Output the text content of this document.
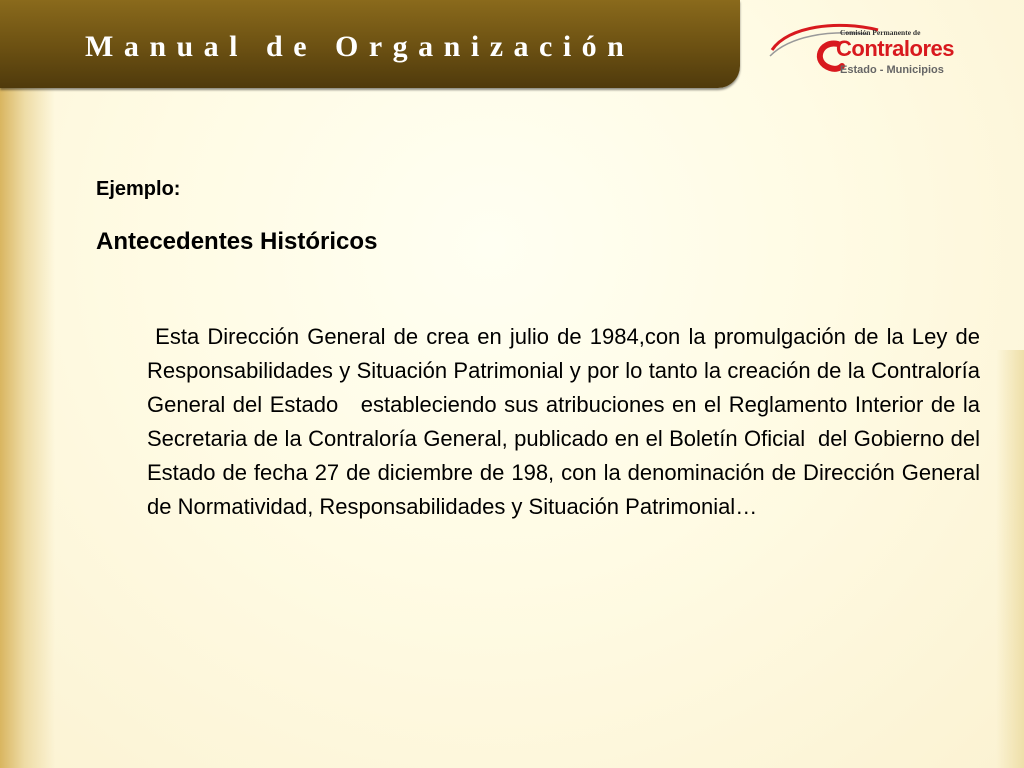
Manual de Organización	Comisión Permanente de
Contralores
Estado - Municipios
Ejemplo:
Antecedentes Históricos
Esta Dirección General de crea en julio de 1984,con la promulgación de la Ley de Responsabilidades y Situación Patrimonial y por lo tanto la creación de la Contraloría General del Estado   estableciendo sus atribuciones en el Reglamento Interior de la Secretaria de la Contraloría General, publicado en el Boletín Oficial  del Gobierno del Estado de fecha 27 de diciembre de 198, con la denominación de Dirección General de Normatividad, Responsabilidades y Situación Patrimonial…
